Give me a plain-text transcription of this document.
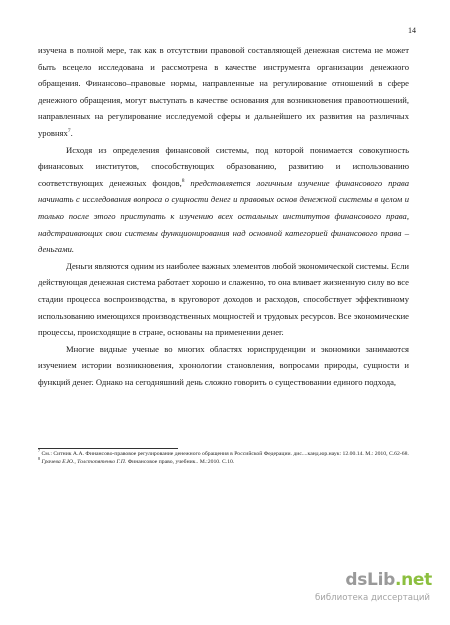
14

изучена в полной мере, так как в отсутствии правовой составляющей денежная система не может быть всецело исследована и рассмотрена в качестве инструмента организации денежного обращения. Финансово–правовые нормы, направленные на регулирование отношений в сфере денежного обращения, могут выступать в качестве основания для возникновения правоотношений, направленных на регулирование исследуемой сферы и дальнейшего их развития на различных уровнях$^7$.

Исходя из определения финансовой системы, под которой понимается совокупность финансовых институтов, способствующих образованию, развитию и использованию соответствующих денежных фондов,$^8$ представляется логичным изучение финансового права начинать с исследования вопроса о сущности денег и правовых основ денежной системы в целом и только после этого приступать к изучению всех остальных институтов финансового права, надстраивающих свои системы функционирования над основной категорией финансового права – деньгами.

Деньги являются одним из наиболее важных элементов любой экономической системы. Если действующая денежная система работает хорошо и слаженно, то она вливает жизненную силу во все стадии процесса воспроизводства, в круговорот доходов и расходов, способствует эффективному использованию имеющихся производственных мощностей и трудовых ресурсов. Все экономические процессы, происходящие в стране, основаны на применении денег.

Многие видные ученые во многих областях юриспруденции и экономики занимаются изучением истории возникновения, хронологии становления, вопросами природы, сущности и функций денег. Однако на сегодняшний день сложно говорить о существовании единого подхода,

$^7$ См.: Ситник А.А. Финансово-правовое регулирование денежного обращения в Российской Федерации. дис....канд.юр.наук: 12.00.14. М.: 2010, С.62-68.

$^8$ Грачева Е.Ю., Толстопятенко Г.П. Финансовое право, учебник.. М.:2010. С.10.

dsLib.net
библиотека диссертаций
